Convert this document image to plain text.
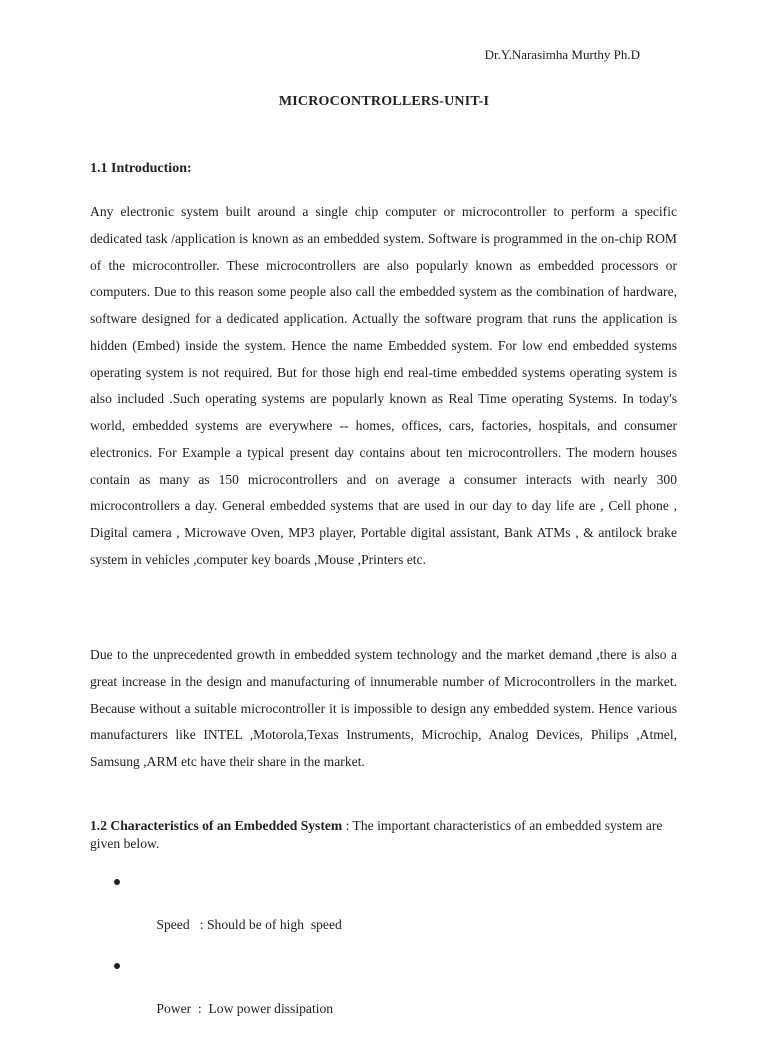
Dr.Y.Narasimha Murthy Ph.D
MICROCONTROLLERS-UNIT-I
1.1 Introduction:

Any electronic system built around a single chip computer or microcontroller to perform a specific dedicated task /application is known as an embedded system. Software is programmed in the on-chip ROM of the microcontroller. These microcontrollers are also popularly known as embedded processors or computers. Due to this reason some people also call the embedded system as the combination of hardware, software designed for a dedicated application. Actually the software program that runs the application is hidden (Embed) inside the system. Hence the name Embedded system. For low end embedded systems operating system is not required. But for those high end real-time embedded systems operating system is also included .Such operating systems are popularly known as Real Time operating Systems. In today's world, embedded systems are everywhere -- homes, offices, cars, factories, hospitals, and consumer electronics. For Example a typical present day contains about ten microcontrollers. The modern houses contain as many as 150 microcontrollers and on average a consumer interacts with nearly 300 microcontrollers a day. General embedded systems that are used in our day to day life are , Cell phone , Digital camera , Microwave Oven, MP3 player, Portable digital assistant, Bank ATMs , & antilock brake system in vehicles ,computer key boards ,Mouse ,Printers etc.

Due to the unprecedented growth in embedded system technology and the market demand ,there is also a great increase in the design and manufacturing of innumerable number of Microcontrollers in the market. Because without a suitable microcontroller it is impossible to design any embedded system. Hence various manufacturers like INTEL ,Motorola,Texas Instruments, Microchip, Analog Devices, Philips ,Atmel, Samsung ,ARM etc have their share in the market.

1.2 Characteristics of an Embedded System : The important characteristics of an embedded system are given below.

Speed   : Should be of high  speed

Power  :  Low power dissipation
